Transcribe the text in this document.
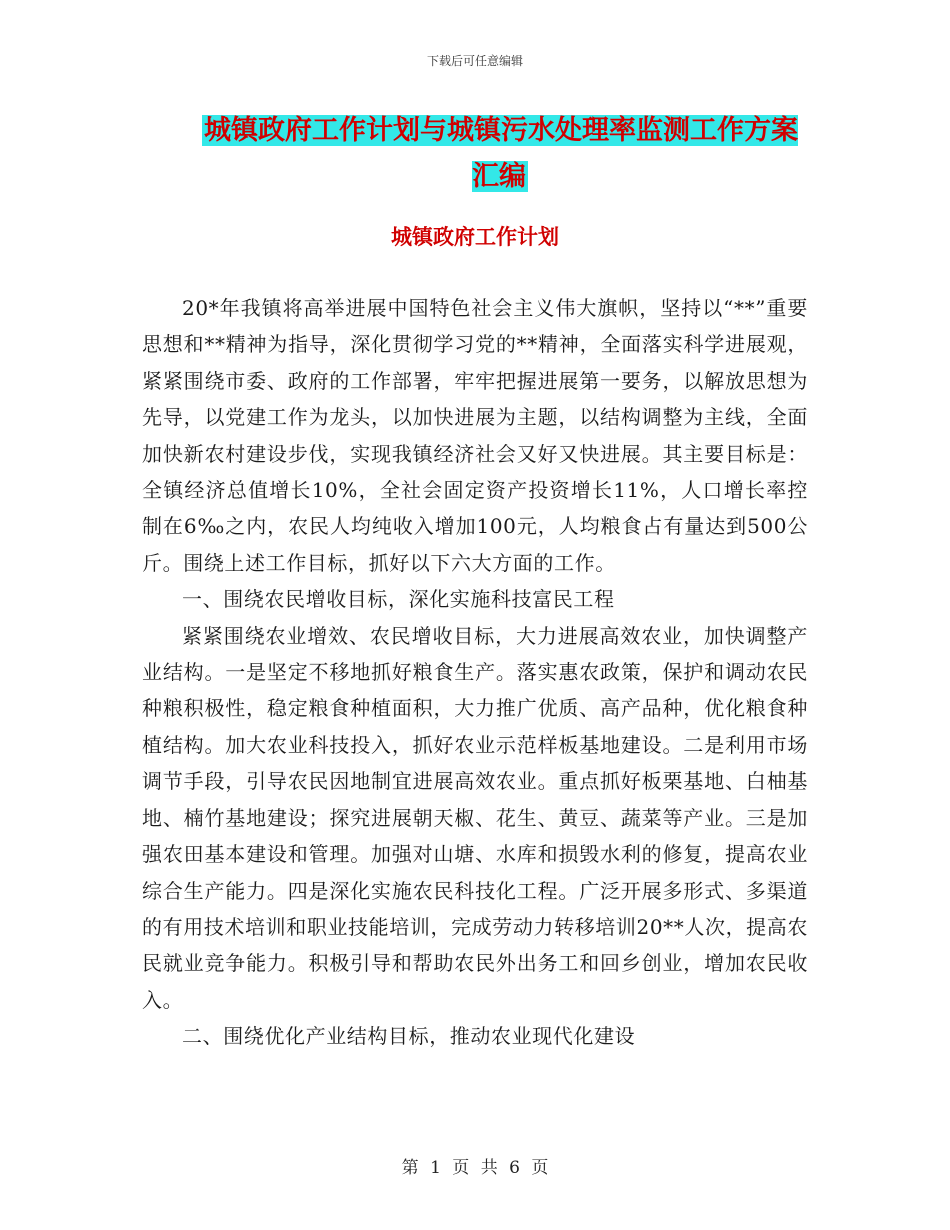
下载后可任意编辑
城镇政府工作计划与城镇污水处理率监测工作方案汇编
城镇政府工作计划

20*年我镇将高举进展中国特色社会主义伟大旗帜，坚持以“**”重要思想和**精神为指导，深化贯彻学习党的**精神，全面落实科学进展观，紧紧围绕市委、政府的工作部署，牢牢把握进展第一要务，以解放思想为先导，以党建工作为龙头，以加快进展为主题，以结构调整为主线，全面加快新农村建设步伐，实现我镇经济社会又好又快进展。其主要目标是：全镇经济总值增长10%，全社会固定资产投资增长11%，人口增长率控制在6‰之内，农民人均纯收入增加100元，人均粮食占有量达到500公斤。围绕上述工作目标，抓好以下六大方面的工作。

一、围绕农民增收目标，深化实施科技富民工程

紧紧围绕农业增效、农民增收目标，大力进展高效农业，加快调整产业结构。一是坚定不移地抓好粮食生产。落实惠农政策，保护和调动农民种粮积极性，稳定粮食种植面积，大力推广优质、高产品种，优化粮食种植结构。加大农业科技投入，抓好农业示范样板基地建设。二是利用市场调节手段，引导农民因地制宜进展高效农业。重点抓好板栗基地、白柚基地、楠竹基地建设；探究进展朝天椒、花生、黄豆、蔬菜等产业。三是加强农田基本建设和管理。加强对山塘、水库和损毁水利的修复，提高农业综合生产能力。四是深化实施农民科技化工程。广泛开展多形式、多渠道的有用技术培训和职业技能培训，完成劳动力转移培训20**人次，提高农民就业竞争能力。积极引导和帮助农民外出务工和回乡创业，增加农民收入。

二、围绕优化产业结构目标，推动农业现代化建设

第 1 页 共 6 页
